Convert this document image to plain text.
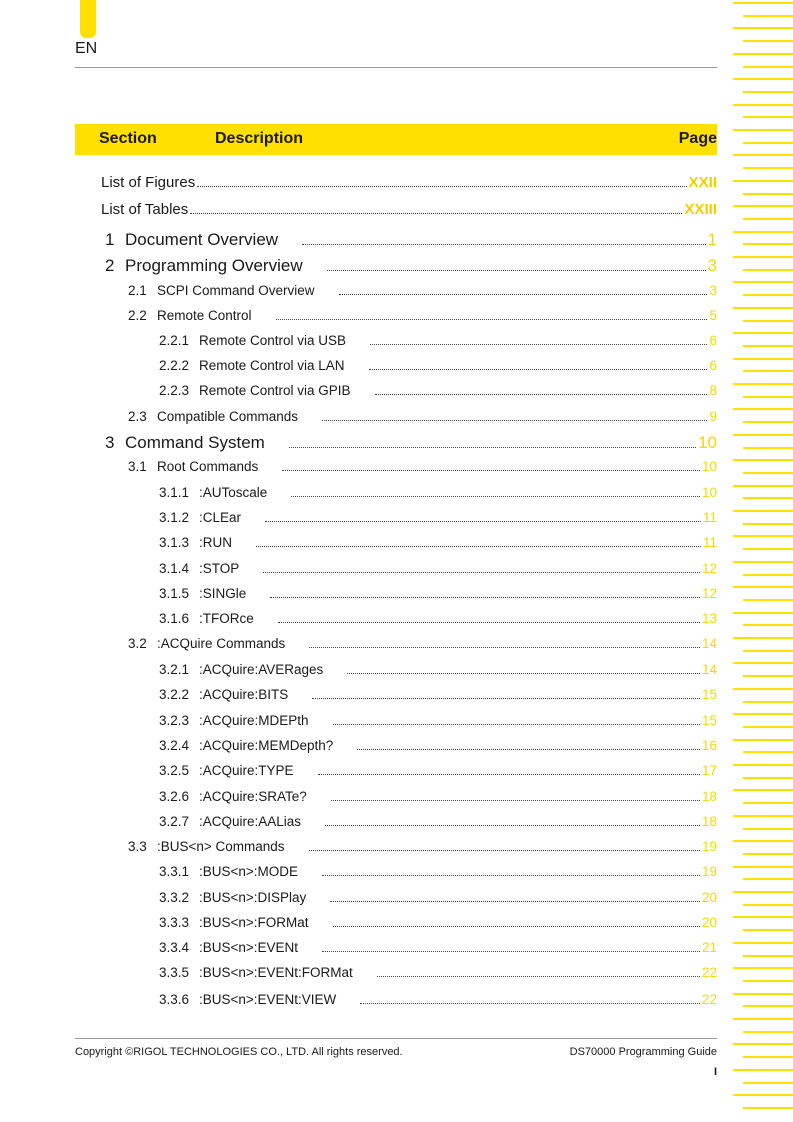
EN
Section	Description	Page
List of Figures	XXII
List of Tables	XXIII
1 Document Overview	1
2 Programming Overview	3
2.1 SCPI Command Overview	3
2.2 Remote Control	5
2.2.1 Remote Control via USB	6
2.2.2 Remote Control via LAN	6
2.2.3 Remote Control via GPIB	8
2.3 Compatible Commands	9
3 Command System	10
3.1 Root Commands	10
3.1.1 :AUToscale	10
3.1.2 :CLEar	11
3.1.3 :RUN	11
3.1.4 :STOP	12
3.1.5 :SINGle	12
3.1.6 :TFORce	13
3.2 :ACQuire Commands	14
3.2.1 :ACQuire:AVERages	14
3.2.2 :ACQuire:BITS	15
3.2.3 :ACQuire:MDEPth	15
3.2.4 :ACQuire:MEMDepth?	16
3.2.5 :ACQuire:TYPE	17
3.2.6 :ACQuire:SRATe?	18
3.2.7 :ACQuire:AALias	18
3.3 :BUS<n> Commands	19
3.3.1 :BUS<n>:MODE	19
3.3.2 :BUS<n>:DISPlay	20
3.3.3 :BUS<n>:FORMat	20
3.3.4 :BUS<n>:EVENt	21
3.3.5 :BUS<n>:EVENt:FORMat	22
3.3.6 :BUS<n>:EVENt:VIEW	22
Copyright ©RIGOL TECHNOLOGIES CO., LTD. All rights reserved.	DS70000 Programming Guide
I
